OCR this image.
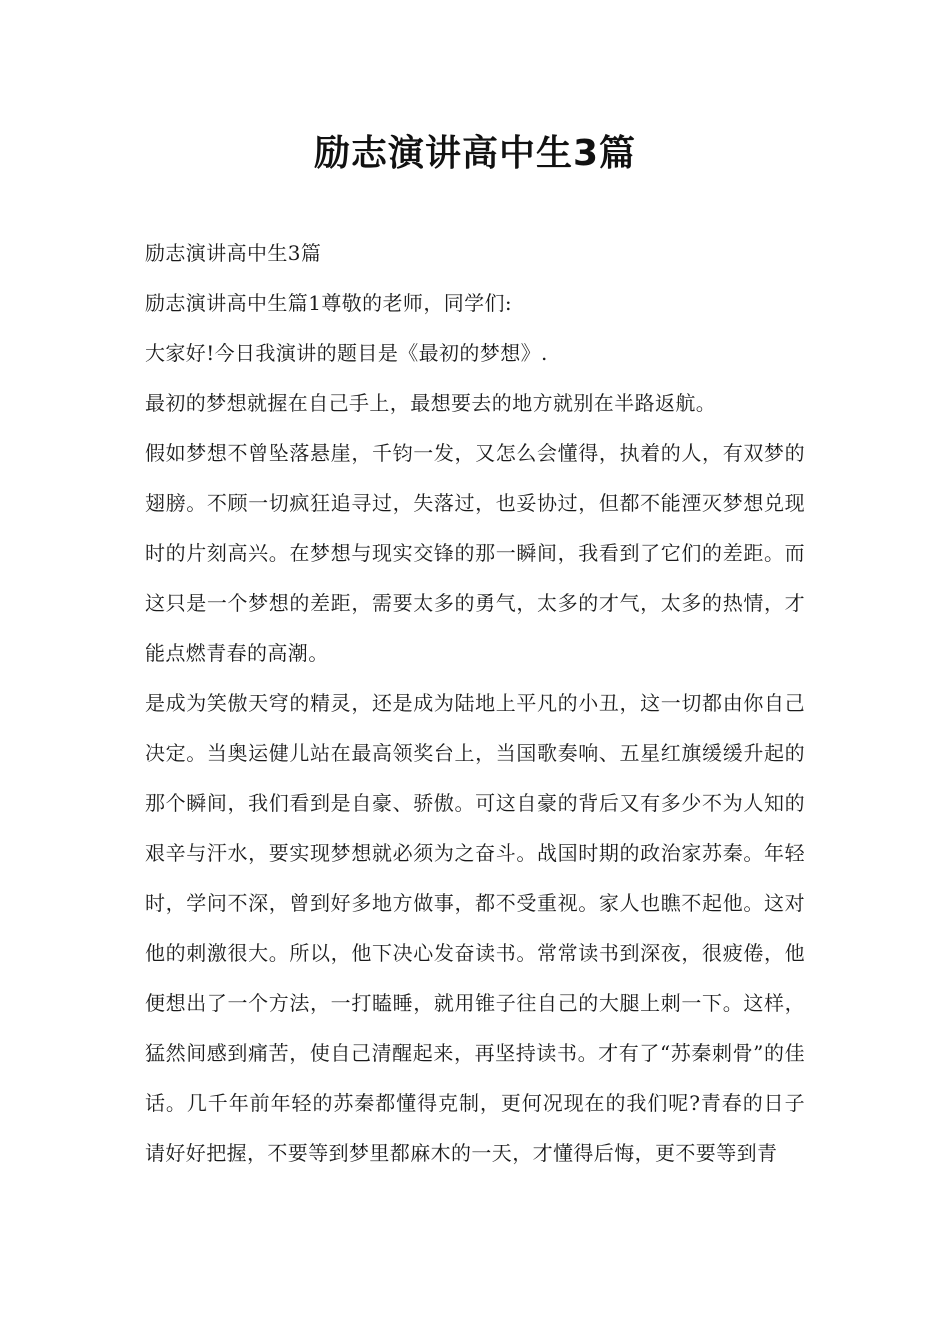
励志演讲高中生3篇

励志演讲高中生3篇

励志演讲高中生篇1尊敬的老师，同学们:

大家好!今日我演讲的题目是《最初的梦想》.

最初的梦想就握在自己手上，最想要去的地方就别在半路返航。

假如梦想不曾坠落悬崖，千钧一发，又怎么会懂得，执着的人，有双梦的翅膀。不顾一切疯狂追寻过，失落过，也妥协过，但都不能湮灭梦想兑现时的片刻高兴。在梦想与现实交锋的那一瞬间，我看到了它们的差距。而这只是一个梦想的差距，需要太多的勇气，太多的才气，太多的热情，才能点燃青春的高潮。

是成为笑傲天穹的精灵，还是成为陆地上平凡的小丑，这一切都由你自己决定。当奥运健儿站在最高领奖台上，当国歌奏响、五星红旗缓缓升起的那个瞬间，我们看到是自豪、骄傲。可这自豪的背后又有多少不为人知的艰辛与汗水，要实现梦想就必须为之奋斗。战国时期的政治家苏秦。年轻时，学问不深，曾到好多地方做事，都不受重视。家人也瞧不起他。这对他的刺激很大。所以，他下决心发奋读书。常常读书到深夜，很疲倦，他便想出了一个方法，一打瞌睡，就用锥子往自己的大腿上刺一下。这样，猛然间感到痛苦，使自己清醒起来，再坚持读书。才有了“苏秦刺骨”的佳话。几千年前年轻的苏秦都懂得克制，更何况现在的我们呢?青春的日子请好好把握，不要等到梦里都麻木的一天，才懂得后悔，更不要等到青
